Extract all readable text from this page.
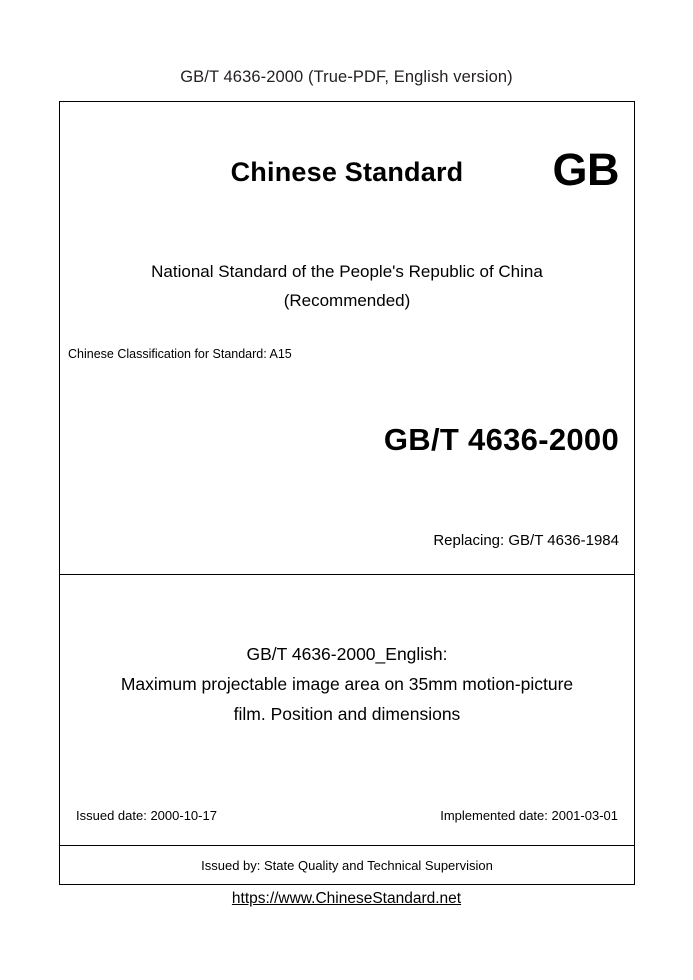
GB/T 4636-2000 (True-PDF, English version)
Chinese Standard	GB
National Standard of the People's Republic of China
(Recommended)
Chinese Classification for Standard: A15
GB/T 4636-2000
Replacing: GB/T 4636-1984
GB/T 4636-2000_English:
Maximum projectable image area on 35mm motion-picture
film. Position and dimensions
Issued date: 2000-10-17	Implemented date: 2001-03-01
Issued by: State Quality and Technical Supervision
https://www.ChineseStandard.net
